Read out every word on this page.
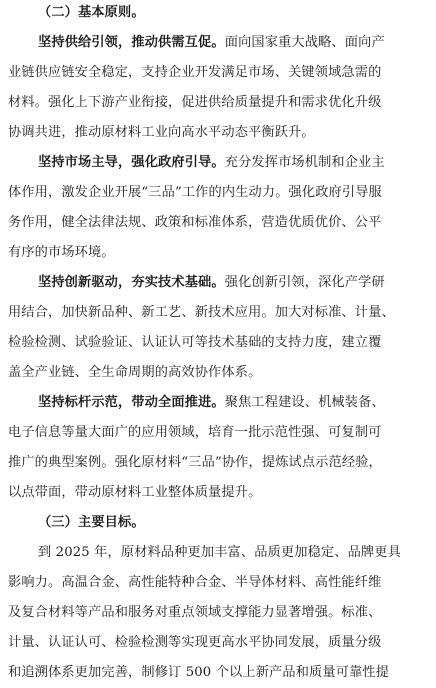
（二）基本原则。
坚持供给引领，推动供需互促。面向国家重大战略、面向产
业链供应链安全稳定，支持企业开发满足市场、关键领域急需的
材料。强化上下游产业衔接，促进供给质量提升和需求优化升级
协调共进，推动原材料工业向高水平动态平衡跃升。
坚持市场主导，强化政府引导。充分发挥市场机制和企业主
体作用，激发企业开展“三品”工作的内生动力。强化政府引导服
务作用，健全法律法规、政策和标准体系，营造优质优价、公平
有序的市场环境。
坚持创新驱动，夯实技术基础。强化创新引领，深化产学研
用结合，加快新品种、新工艺、新技术应用。加大对标准、计量、
检验检测、试验验证、认证认可等技术基础的支持力度，建立覆
盖全产业链、全生命周期的高效协作体系。
坚持标杆示范，带动全面推进。聚焦工程建设、机械装备、
电子信息等量大面广的应用领域，培育一批示范性强、可复制可
推广的典型案例。强化原材料“三品”协作，提炼试点示范经验，
以点带面，带动原材料工业整体质量提升。
（三）主要目标。
到 2025 年，原材料品种更加丰富、品质更加稳定、品牌更具
影响力。高温合金、高性能特种合金、半导体材料、高性能纤维
及复合材料等产品和服务对重点领域支撑能力显著增强。标准、
计量、认证认可、检验检测等实现更高水平协同发展，质量分级
和追溯体系更加完善，制修订 500 个以上新产品和质量可靠性提
